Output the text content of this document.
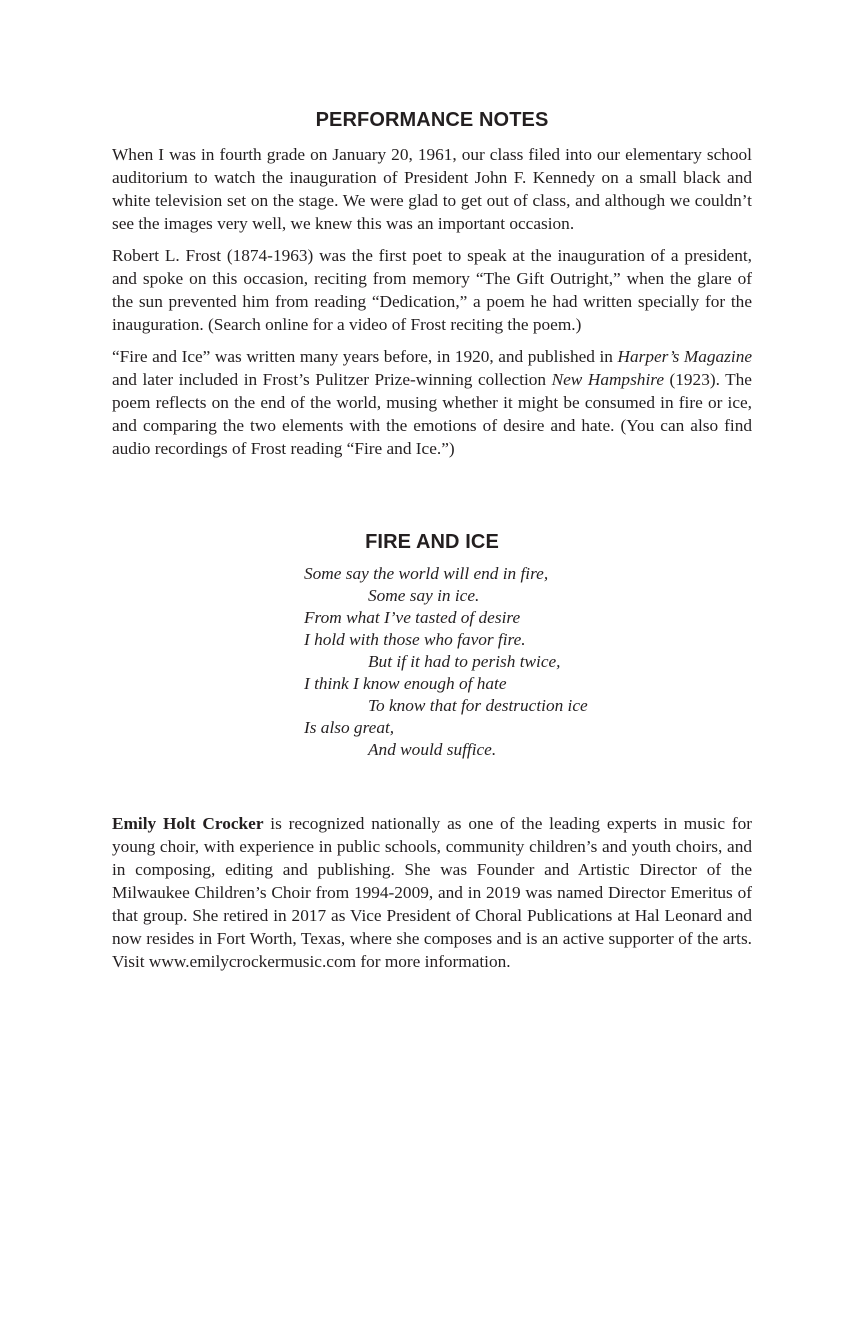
PERFORMANCE NOTES

When I was in fourth grade on January 20, 1961, our class filed into our elementary school auditorium to watch the inauguration of President John F. Kennedy on a small black and white television set on the stage. We were glad to get out of class, and although we couldn’t see the images very well, we knew this was an important occasion.

Robert L. Frost (1874-1963) was the first poet to speak at the inauguration of a president, and spoke on this occasion, reciting from memory “The Gift Outright,” when the glare of the sun prevented him from reading “Dedication,” a poem he had written specially for the inauguration. (Search online for a video of Frost reciting the poem.)

“Fire and Ice” was written many years before, in 1920, and published in Harper’s Magazine and later included in Frost’s Pulitzer Prize-winning collection New Hampshire (1923). The poem reflects on the end of the world, musing whether it might be consumed in fire or ice, and comparing the two elements with the emotions of desire and hate. (You can also find audio recordings of Frost reading “Fire and Ice.”)

FIRE AND ICE
Some say the world will end in fire,
Some say in ice.
From what I’ve tasted of desire
I hold with those who favor fire.
But if it had to perish twice,
I think I know enough of hate
To know that for destruction ice
Is also great,
And would suffice.

Emily Holt Crocker is recognized nationally as one of the leading experts in music for young choir, with experience in public schools, community children’s and youth choirs, and in composing, editing and publishing. She was Founder and Artistic Director of the Milwaukee Children’s Choir from 1994-2009, and in 2019 was named Director Emeritus of that group. She retired in 2017 as Vice President of Choral Publications at Hal Leonard and now resides in Fort Worth, Texas, where she composes and is an active supporter of the arts. Visit www.emilycrockermusic.com for more information.
